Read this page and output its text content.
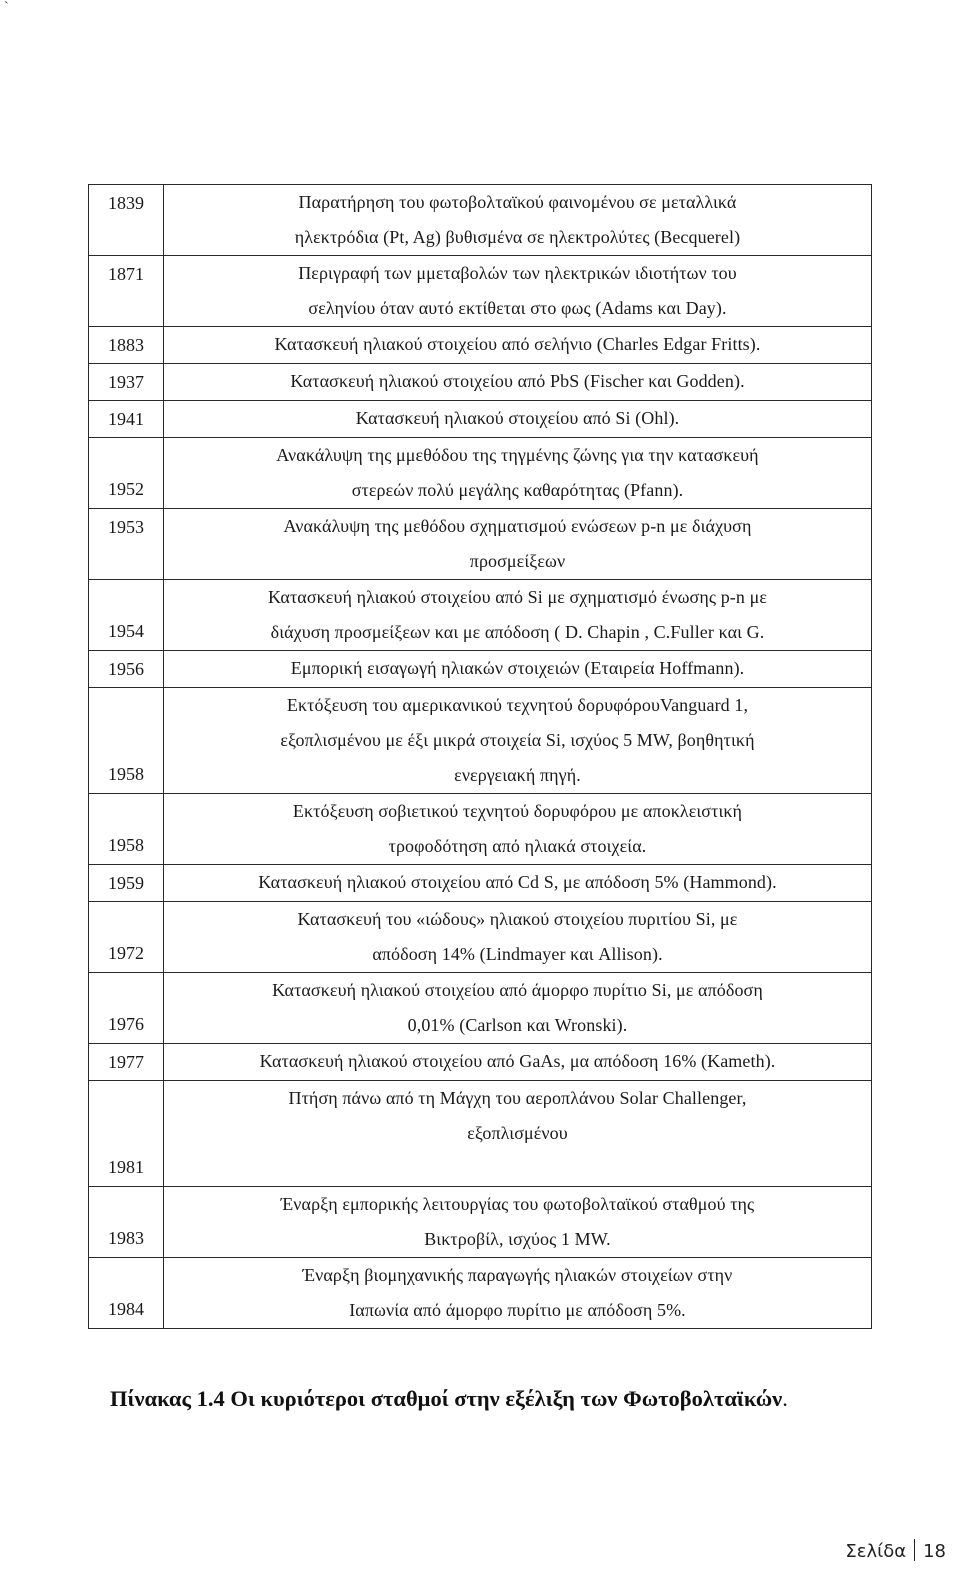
`
1839	Παρατήρηση του φωτοβολταϊκού φαινομένου σε μεταλλικά
ηλεκτρόδια (Pt, Ag) βυθισμένα σε ηλεκτρολύτες (Becquerel)

1871	Περιγραφή των μμεταβολών των ηλεκτρικών ιδιοτήτων του
σεληνίου όταν αυτό εκτίθεται στο φως (Adams και Day).

1883	Κατασκευή ηλιακού στοιχείου από σελήνιο (Charles Edgar Fritts).

1937	Κατασκευή ηλιακού στοιχείου από PbS (Fischer και Godden).

1941	Κατασκευή ηλιακού στοιχείου από Si (Ohl).

1952	Ανακάλυψη της μμεθόδου της τηγμένης ζώνης για την κατασκευή
στερεών πολύ μεγάλης καθαρότητας (Pfann).

1953	Ανακάλυψη της μεθόδου σχηματισμού ενώσεων p-n με διάχυση
προσμείξεων

1954	Κατασκευή ηλιακού στοιχείου από Si με σχηματισμό ένωσης p-n με
διάχυση προσμείξεων και με απόδοση ( D. Chapin , C.Fuller και G.

1956	Εμπορική εισαγωγή ηλιακών στοιχειών (Εταιρεία Hoffmann).

1958	Εκτόξευση του αμερικανικού τεχνητού δορυφόρουVanguard 1,
εξοπλισμένου με έξι μικρά στοιχεία Si, ισχύος 5 MW, βοηθητική
ενεργειακή πηγή.

1958	Εκτόξευση σοβιετικού τεχνητού δορυφόρου με αποκλειστική
τροφοδότηση από ηλιακά στοιχεία.

1959	Κατασκευή ηλιακού στοιχείου από Cd S, με απόδοση 5% (Hammond).

1972	Κατασκευή του «ιώδους» ηλιακού στοιχείου πυριτίου Si, με
απόδοση 14% (Lindmayer και Allison).

1976	Κατασκευή ηλιακού στοιχείου από άμορφο πυρίτιο Si, με απόδοση
0,01% (Carlson και Wronski).

1977	Κατασκευή ηλιακού στοιχείου από GaAs, μα απόδοση 16% (Kameth).

1981	Πτήση πάνω από τη Μάγχη του αεροπλάνου Solar Challenger,
εξοπλισμένου

1983	Έναρξη εμπορικής λειτουργίας του φωτοβολταϊκού σταθμού της
Βικτροβίλ, ισχύος 1 MW.

1984	Έναρξη βιομηχανικής παραγωγής ηλιακών στοιχείων στην
Ιαπωνία από άμορφο πυρίτιο με απόδοση 5%.
Πίνακας 1.4 Οι κυριότεροι σταθμοί στην εξέλιξη των Φωτοβολταϊκών.
Σελίδα 18
